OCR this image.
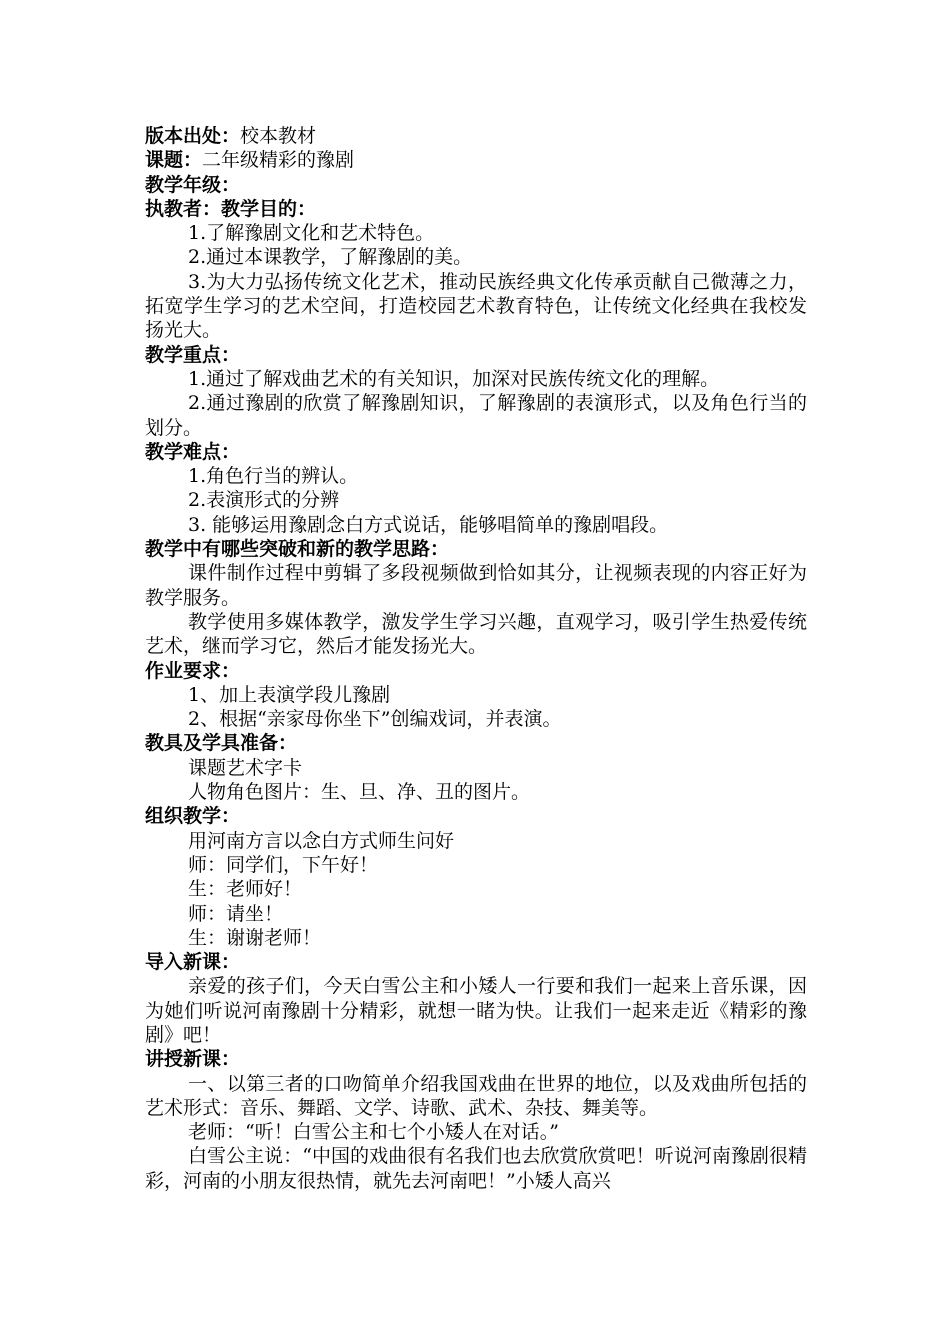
版本出处：校本教材

课题：二年级精彩的豫剧

教学年级：

执教者：教学目的：

1.了解豫剧文化和艺术特色。

2.通过本课教学，了解豫剧的美。

3.为大力弘扬传统文化艺术，推动民族经典文化传承贡献自己微薄之力，拓宽学生学习的艺术空间，打造校园艺术教育特色，让传统文化经典在我校发扬光大。

教学重点：

1.通过了解戏曲艺术的有关知识，加深对民族传统文化的理解。

2.通过豫剧的欣赏了解豫剧知识，了解豫剧的表演形式，以及角色行当的划分。

教学难点：

1.角色行当的辨认。

2.表演形式的分辨

3. 能够运用豫剧念白方式说话，能够唱简单的豫剧唱段。

教学中有哪些突破和新的教学思路：

课件制作过程中剪辑了多段视频做到恰如其分，让视频表现的内容正好为教学服务。

教学使用多媒体教学，激发学生学习兴趣，直观学习，吸引学生热爱传统艺术，继而学习它，然后才能发扬光大。

作业要求：

1、加上表演学段儿豫剧

2、根据“亲家母你坐下”创编戏词，并表演。

教具及学具准备：

课题艺术字卡

人物角色图片：生、旦、净、丑的图片。

组织教学：

用河南方言以念白方式师生问好

师：同学们，下午好！

生：老师好！

师：请坐！

生：谢谢老师！

导入新课：

亲爱的孩子们，今天白雪公主和小矮人一行要和我们一起来上音乐课，因为她们听说河南豫剧十分精彩，就想一睹为快。让我们一起来走近《精彩的豫剧》吧！

讲授新课：

一、以第三者的口吻简单介绍我国戏曲在世界的地位，以及戏曲所包括的艺术形式：音乐、舞蹈、文学、诗歌、武术、杂技、舞美等。

老师：“听！白雪公主和七个小矮人在对话。”

白雪公主说：“中国的戏曲很有名我们也去欣赏欣赏吧！听说河南豫剧很精彩，河南的小朋友很热情，就先去河南吧！”小矮人高兴
